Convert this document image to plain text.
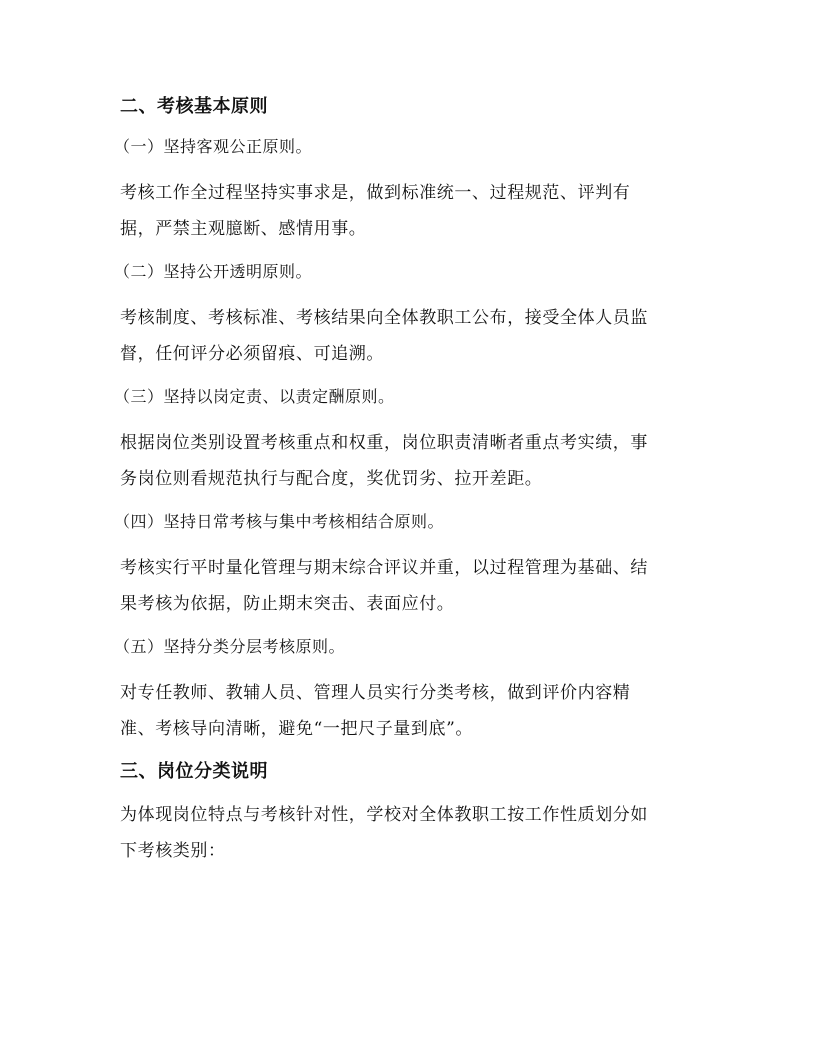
二、考核基本原则

（一）坚持客观公正原则。

考核工作全过程坚持实事求是，做到标准统一、过程规范、评判有
据，严禁主观臆断、感情用事。

（二）坚持公开透明原则。

考核制度、考核标准、考核结果向全体教职工公布，接受全体人员监
督，任何评分必须留痕、可追溯。

（三）坚持以岗定责、以责定酬原则。

根据岗位类别设置考核重点和权重，岗位职责清晰者重点考实绩，事
务岗位则看规范执行与配合度，奖优罚劣、拉开差距。

（四）坚持日常考核与集中考核相结合原则。

考核实行平时量化管理与期末综合评议并重，以过程管理为基础、结
果考核为依据，防止期末突击、表面应付。

（五）坚持分类分层考核原则。

对专任教师、教辅人员、管理人员实行分类考核，做到评价内容精
准、考核导向清晰，避免“一把尺子量到底”。

三、岗位分类说明

为体现岗位特点与考核针对性，学校对全体教职工按工作性质划分如
下考核类别：
